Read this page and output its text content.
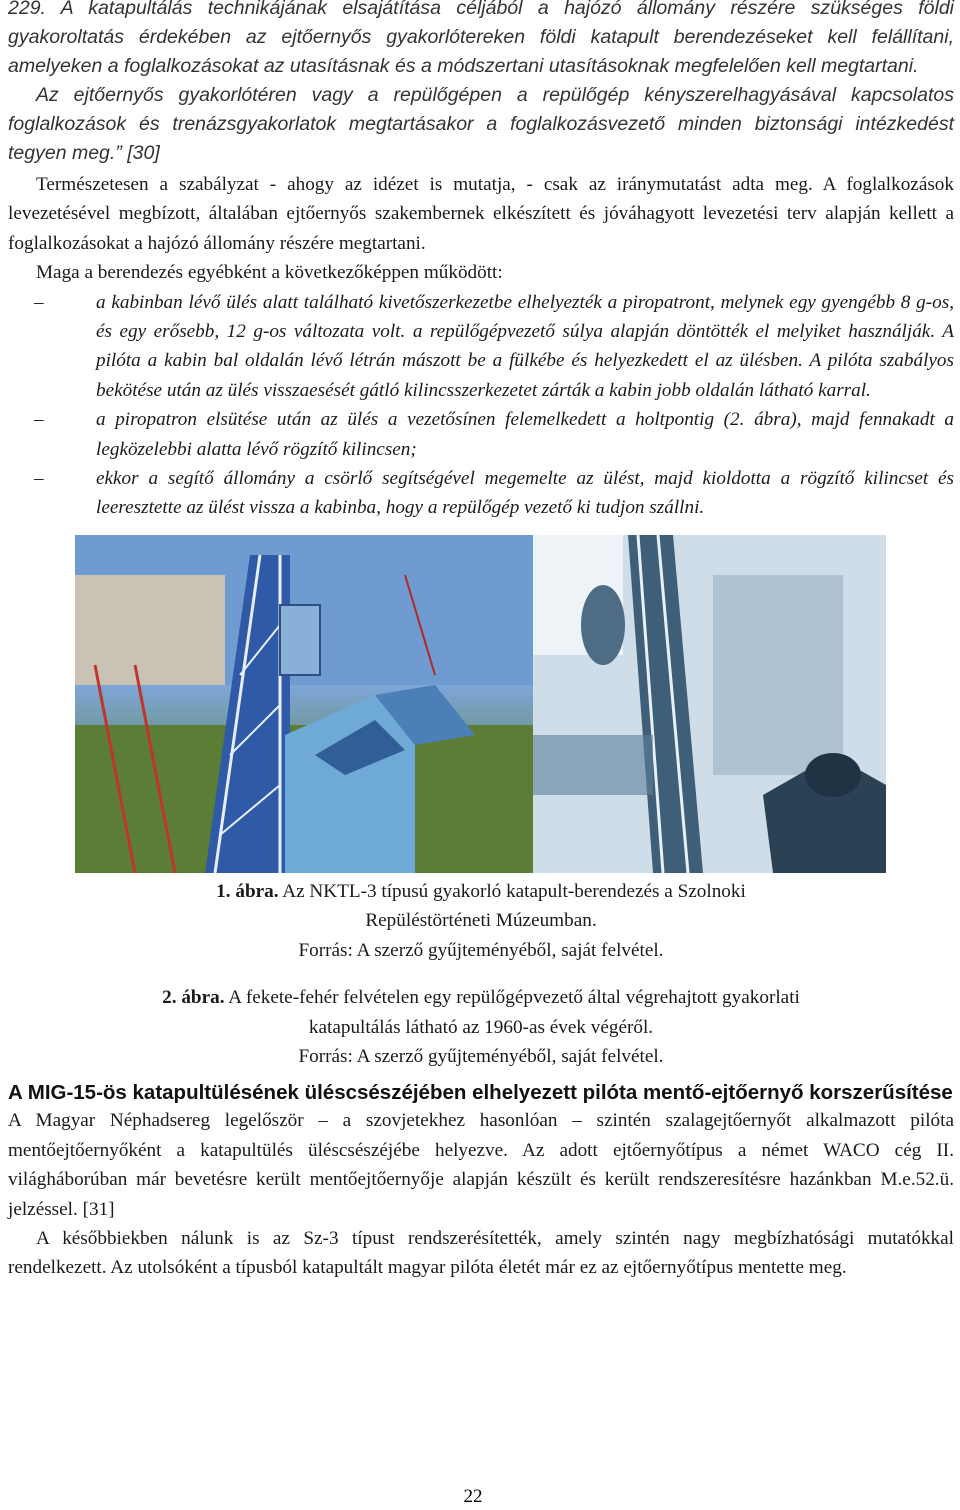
229. A katapultálás technikájának elsajátítása céljából a hajózó állomány részére szükséges földi gyakoroltatás érdekében az ejtőernyős gyakorlótereken földi katapult berendezéseket kell felállítani, amelyeken a foglalkozásokat az utasításnak és a módszertani utasításoknak megfelelően kell megtartani.

Az ejtőernyős gyakorlótéren vagy a repülőgépen a repülőgép kényszerelhagyásával kapcsolatos foglalkozások és trenázsgyakorlatok megtartásakor a foglalkozásvezető minden biztonsági intézkedést tegyen meg.” [30]

Természetesen a szabályzat - ahogy az idézet is mutatja, - csak az iránymutatást adta meg. A foglalkozások levezetésével megbízott, általában ejtőernyős szakembernek elkészített és jóváhagyott levezetési terv alapján kellett a foglalkozásokat a hajózó állomány részére megtartani.

Maga a berendezés egyébként a következőképpen működött:

–	a kabinban lévő ülés alatt található kivetőszerkezetbe elhelyezték a piropatront, melynek egy gyengébb 8 g-os, és egy erősebb, 12 g-os változata volt. a repülőgépvezető súlya alapján döntötték el melyiket használják. A pilóta a kabin bal oldalán lévő létrán mászott be a fülkébe és helyezkedett el az ülésben. A pilóta szabályos bekötése után az ülés visszaesését gátló kilincsszerkezetet zárták a kabin jobb oldalán látható karral.
–	a piropatron elsütése után az ülés a vezetősínen felemelkedett a holtpontig (2. ábra), majd fennakadt a legközelebbi alatta lévő rögzítő kilincsen;
–	ekkor a segítő állomány a csörlő segítségével megemelte az ülést, majd kioldotta a rögzítő kilincset és leeresztette az ülést vissza a kabinba, hogy a repülőgép vezető ki tudjon szállni.
1. ábra. Az NKTL-3 típusú gyakorló katapult-berendezés a Szolnoki
Repüléstörténeti Múzeumban.
Forrás: A szerző gyűjteményéből, saját felvétel.
2. ábra. A fekete-fehér felvételen egy repülőgépvezető által végrehajtott gyakorlati
katapultálás látható az 1960-as évek végéről.
Forrás: A szerző gyűjteményéből, saját felvétel.
A MIG-15-ös katapultülésének üléscsészéjében elhelyezett pilóta mentő-ejtőernyő korszerűsítése

A Magyar Néphadsereg legelőször – a szovjetekhez hasonlóan – szintén szalagejtőernyőt alkalmazott pilóta mentőejtőernyőként a katapultülés üléscsészéjébe helyezve. Az adott ejtőernyőtípus a német WACO cég II. világháborúban már bevetésre került mentőejtőernyője alapján készült és került rendszeresítésre hazánkban M.e.52.ü. jelzéssel. [31]

A későbbiekben nálunk is az Sz-3 típust rendszerésítették, amely szintén nagy megbízhatósági mutatókkal rendelkezett. Az utolsóként a típusból katapultált magyar pilóta életét már ez az ejtőernyőtípus mentette meg.

22
